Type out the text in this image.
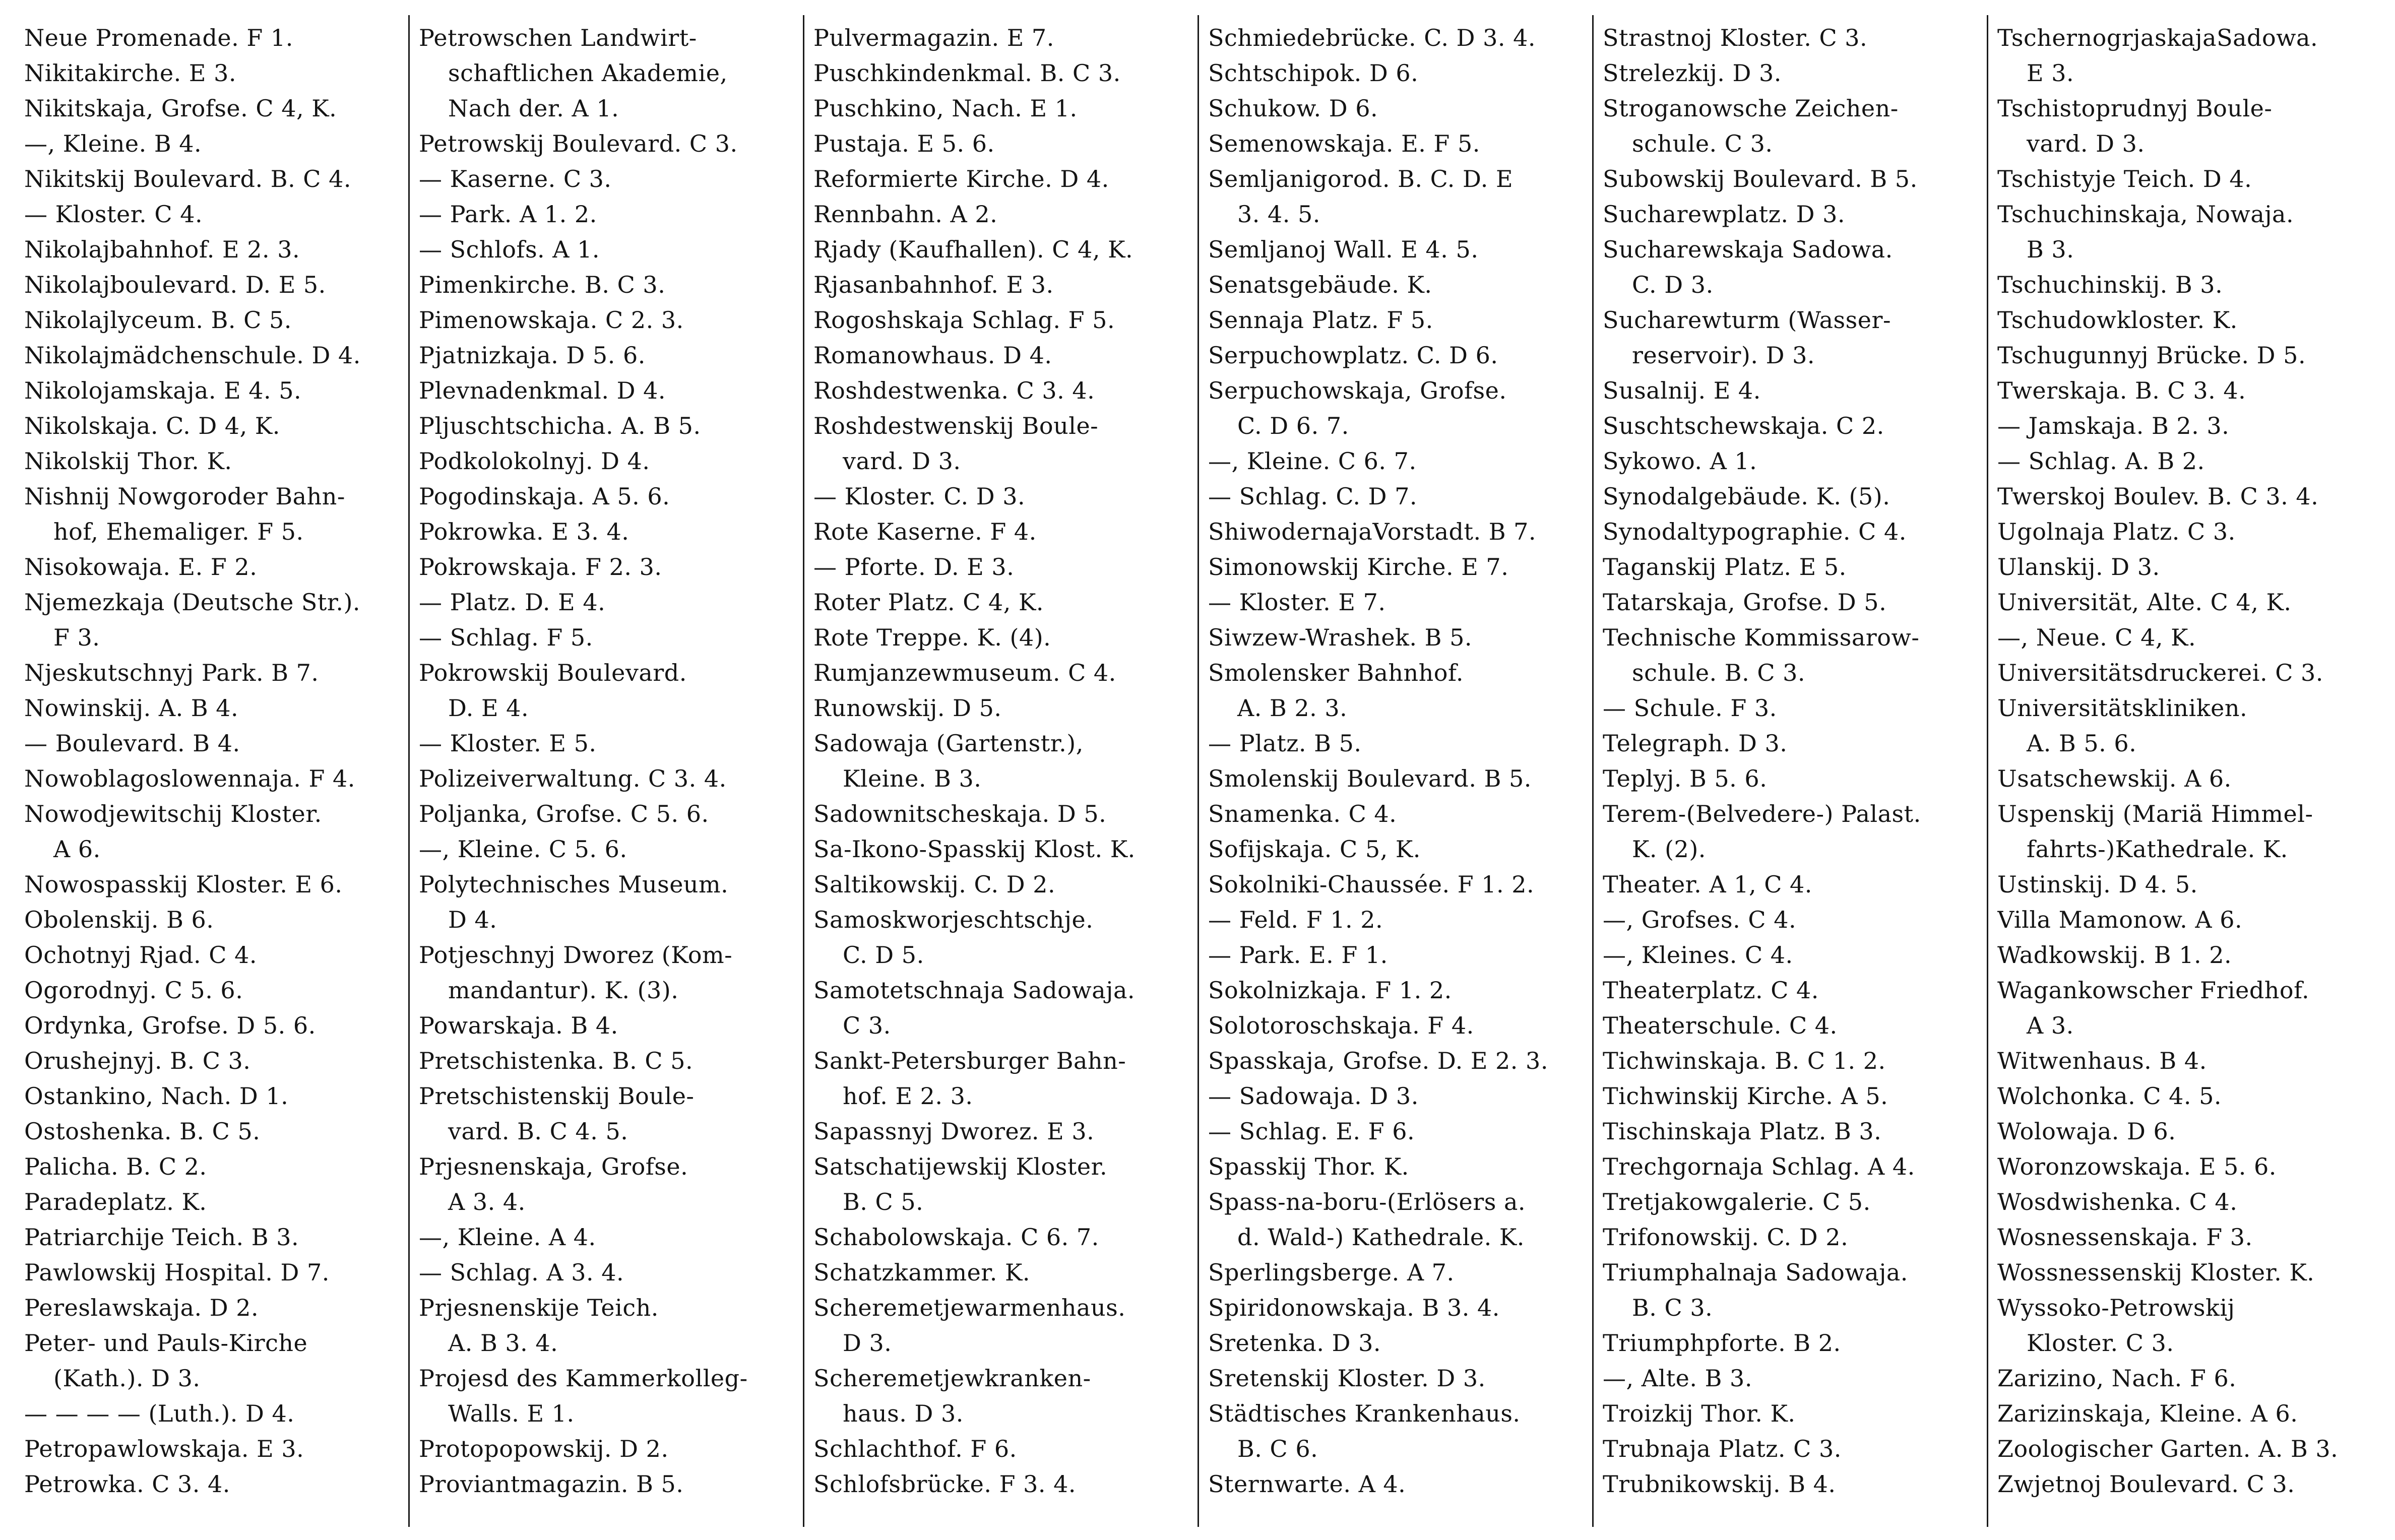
Neue Promenade. F 1.
Nikitakirche. E 3.
Nikitskaja, Grofse. C 4, K.
—, Kleine. B 4.
Nikitskij Boulevard. B. C 4.
— Kloster. C 4.
Nikolajbahnhof. E 2. 3.
Nikolajboulevard. D. E 5.
Nikolajlyceum. B. C 5.
Nikolajmädchenschule. D 4.
Nikolojamskaja. E 4. 5.
Nikolskaja. C. D 4, K.
Nikolskij Thor. K.
Nishnij Nowgoroder Bahn-
hof, Ehemaliger. F 5.
Nisokowaja. E. F 2.
Njemezkaja (Deutsche Str.).
F 3.
Njeskutschnyj Park. B 7.
Nowinskij. A. B 4.
— Boulevard. B 4.
Nowoblagoslowennaja. F 4.
Nowodjewitschij Kloster.
A 6.
Nowospasskij Kloster. E 6.
Obolenskij. B 6.
Ochotnyj Rjad. C 4.
Ogorodnyj. C 5. 6.
Ordynka, Grofse. D 5. 6.
Orushejnyj. B. C 3.
Ostankino, Nach. D 1.
Ostoshenka. B. C 5.
Palicha. B. C 2.
Paradeplatz. K.
Patriarchije Teich. B 3.
Pawlowskij Hospital. D 7.
Pereslawskaja. D 2.
Peter- und Pauls-Kirche
(Kath.). D 3.
— — — — (Luth.). D 4.
Petropawlowskaja. E 3.
Petrowka. C 3. 4.
Petrowschen Landwirt-
schaftlichen Akademie,
Nach der. A 1.
Petrowskij Boulevard. C 3.
— Kaserne. C 3.
— Park. A 1. 2.
— Schlofs. A 1.
Pimenkirche. B. C 3.
Pimenowskaja. C 2. 3.
Pjatnizkaja. D 5. 6.
Plevnadenkmal. D 4.
Pljuschtschicha. A. B 5.
Podkolokolnyj. D 4.
Pogodinskaja. A 5. 6.
Pokrowka. E 3. 4.
Pokrowskaja. F 2. 3.
— Platz. D. E 4.
— Schlag. F 5.
Pokrowskij Boulevard.
D. E 4.
— Kloster. E 5.
Polizeiverwaltung. C 3. 4.
Poljanka, Grofse. C 5. 6.
—, Kleine. C 5. 6.
Polytechnisches Museum.
D 4.
Potjeschnyj Dworez (Kom-
mandantur). K. (3).
Powarskaja. B 4.
Pretschistenka. B. C 5.
Pretschistenskij Boule-
vard. B. C 4. 5.
Prjesnenskaja, Grofse.
A 3. 4.
—, Kleine. A 4.
— Schlag. A 3. 4.
Prjesnenskije Teich.
A. B 3. 4.
Projesd des Kammerkolleg-
Walls. E 1.
Protopopowskij. D 2.
Proviantmagazin. B 5.
Pulvermagazin. E 7.
Puschkindenkmal. B. C 3.
Puschkino, Nach. E 1.
Pustaja. E 5. 6.
Reformierte Kirche. D 4.
Rennbahn. A 2.
Rjady (Kaufhallen). C 4, K.
Rjasanbahnhof. E 3.
Rogoshskaja Schlag. F 5.
Romanowhaus. D 4.
Roshdestwenka. C 3. 4.
Roshdestwenskij Boule-
vard. D 3.
— Kloster. C. D 3.
Rote Kaserne. F 4.
— Pforte. D. E 3.
Roter Platz. C 4, K.
Rote Treppe. K. (4).
Rumjanzewmuseum. C 4.
Runowskij. D 5.
Sadowaja (Gartenstr.),
Kleine. B 3.
Sadownitscheskaja. D 5.
Sa-Ikono-Spasskij Klost. K.
Saltikowskij. C. D 2.
Samoskworjeschtschje.
C. D 5.
Samotetschnaja Sadowaja.
C 3.
Sankt-Petersburger Bahn-
hof. E 2. 3.
Sapassnyj Dworez. E 3.
Satschatijewskij Kloster.
B. C 5.
Schabolowskaja. C 6. 7.
Schatzkammer. K.
Scheremetjewarmenhaus.
D 3.
Scheremetjewkranken-
haus. D 3.
Schlachthof. F 6.
Schlofsbrücke. F 3. 4.
Schmiedebrücke. C. D 3. 4.
Schtschipok. D 6.
Schukow. D 6.
Semenowskaja. E. F 5.
Semljanigorod. B. C. D. E
3. 4. 5.
Semljanoj Wall. E 4. 5.
Senatsgebäude. K.
Sennaja Platz. F 5.
Serpuchowplatz. C. D 6.
Serpuchowskaja, Grofse.
C. D 6. 7.
—, Kleine. C 6. 7.
— Schlag. C. D 7.
ShiwodernajaVorstadt. B 7.
Simonowskij Kirche. E 7.
— Kloster. E 7.
Siwzew-Wrashek. B 5.
Smolensker Bahnhof.
A. B 2. 3.
— Platz. B 5.
Smolenskij Boulevard. B 5.
Snamenka. C 4.
Sofijskaja. C 5, K.
Sokolniki-Chaussée. F 1. 2.
— Feld. F 1. 2.
— Park. E. F 1.
Sokolnizkaja. F 1. 2.
Solotoroschskaja. F 4.
Spasskaja, Grofse. D. E 2. 3.
— Sadowaja. D 3.
— Schlag. E. F 6.
Spasskij Thor. K.
Spass-na-boru-(Erlösers a.
d. Wald-) Kathedrale. K.
Sperlingsberge. A 7.
Spiridonowskaja. B 3. 4.
Sretenka. D 3.
Sretenskij Kloster. D 3.
Städtisches Krankenhaus.
B. C 6.
Sternwarte. A 4.
Strastnoj Kloster. C 3.
Strelezkij. D 3.
Stroganowsche Zeichen-
schule. C 3.
Subowskij Boulevard. B 5.
Sucharewplatz. D 3.
Sucharewskaja Sadowa.
C. D 3.
Sucharewturm (Wasser-
reservoir). D 3.
Susalnij. E 4.
Suschtschewskaja. C 2.
Sykowo. A 1.
Synodalgebäude. K. (5).
Synodaltypographie. C 4.
Taganskij Platz. E 5.
Tatarskaja, Grofse. D 5.
Technische Kommissarow-
schule. B. C 3.
— Schule. F 3.
Telegraph. D 3.
Teplyj. B 5. 6.
Terem-(Belvedere-) Palast.
K. (2).
Theater. A 1, C 4.
—, Grofses. C 4.
—, Kleines. C 4.
Theaterplatz. C 4.
Theaterschule. C 4.
Tichwinskaja. B. C 1. 2.
Tichwinskij Kirche. A 5.
Tischinskaja Platz. B 3.
Trechgornaja Schlag. A 4.
Tretjakowgalerie. C 5.
Trifonowskij. C. D 2.
Triumphalnaja Sadowaja.
B. C 3.
Triumphpforte. B 2.
—, Alte. B 3.
Troizkij Thor. K.
Trubnaja Platz. C 3.
Trubnikowskij. B 4.
TschernogrjaskajaSadowa.
E 3.
Tschistoprudnyj Boule-
vard. D 3.
Tschistyje Teich. D 4.
Tschuchinskaja, Nowaja.
B 3.
Tschuchinskij. B 3.
Tschudowkloster. K.
Tschugunnyj Brücke. D 5.
Twerskaja. B. C 3. 4.
— Jamskaja. B 2. 3.
— Schlag. A. B 2.
Twerskoj Boulev. B. C 3. 4.
Ugolnaja Platz. C 3.
Ulanskij. D 3.
Universität, Alte. C 4, K.
—, Neue. C 4, K.
Universitätsdruckerei. C 3.
Universitätskliniken.
A. B 5. 6.
Usatschewskij. A 6.
Uspenskij (Mariä Himmel-
fahrts-)Kathedrale. K.
Ustinskij. D 4. 5.
Villa Mamonow. A 6.
Wadkowskij. B 1. 2.
Wagankowscher Friedhof.
A 3.
Witwenhaus. B 4.
Wolchonka. C 4. 5.
Wolowaja. D 6.
Woronzowskaja. E 5. 6.
Wosdwishenka. C 4.
Wosnessenskaja. F 3.
Wossnessenskij Kloster. K.
Wyssoko-Petrowskij
Kloster. C 3.
Zarizino, Nach. F 6.
Zarizinskaja, Kleine. A 6.
Zoologischer Garten. A. B 3.
Zwjetnoj Boulevard. C 3.
